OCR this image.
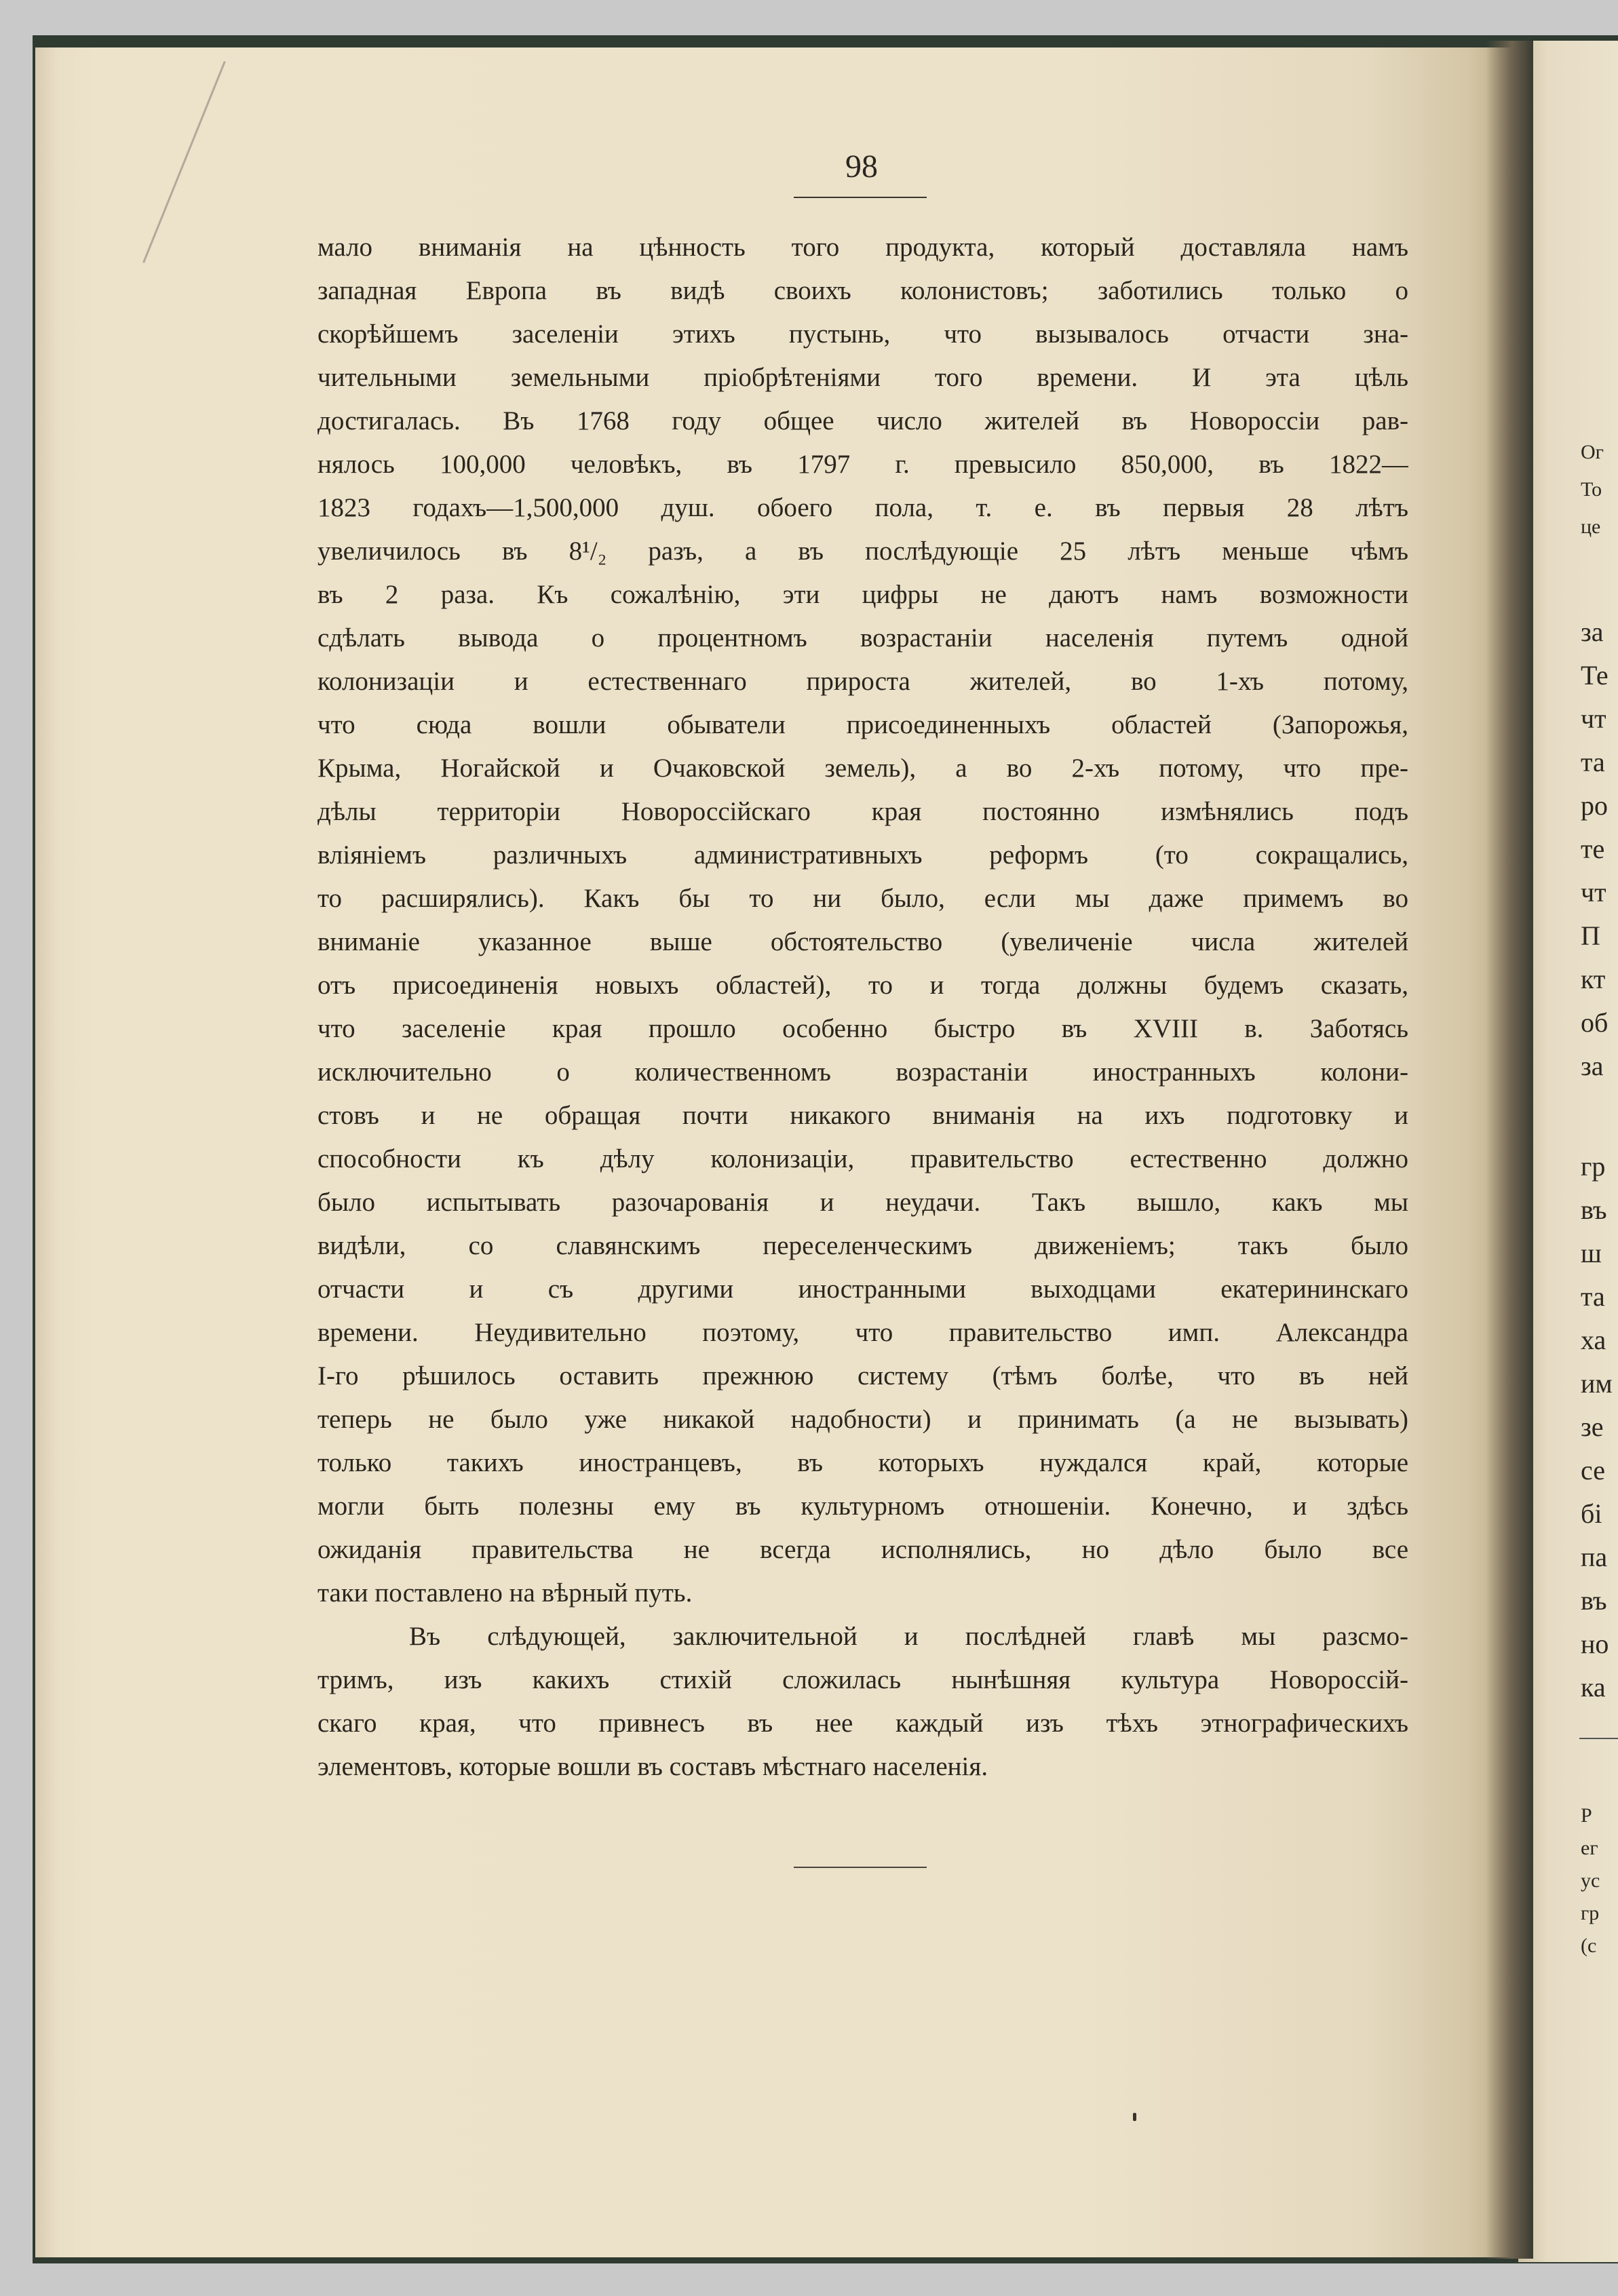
Ог
То
це
за
Те
чт
та
ро
те
чт
П
кт
об
за
гр
въ
ш
та
ха
им
зе
се
бі
па
въ
но
ка
Р
ег
ус
гр
(с
98
мало вниманія на цѣнность того продукта, который доставляла намъ
западная Европа въ видѣ своихъ колонистовъ; заботились только о
скорѣйшемъ заселеніи этихъ пустынь, что вызывалось отчасти зна-
чительными земельными пріобрѣтеніями того времени. И эта цѣль
достигалась. Въ 1768 году общее число жителей въ Новороссіи рав-
нялось 100,000 человѣкъ, въ 1797 г. превысило 850,000, въ 1822—
1823 годахъ—1,500,000 душ. обоего пола, т. е. въ первыя 28 лѣтъ
увеличилось въ 8¹/₂ разъ, а въ послѣдующіе 25 лѣтъ меньше чѣмъ
въ 2 раза. Къ сожалѣнію, эти цифры не даютъ намъ возможности
сдѣлать вывода о процентномъ возрастаніи населенія путемъ одной
колонизаціи и естественнаго прироста жителей, во 1-хъ потому,
что сюда вошли обыватели присоединенныхъ областей (Запорожья,
Крыма, Ногайской и Очаковской земель), а во 2-хъ потому, что пре-
дѣлы территоріи Новороссійскаго края постоянно измѣнялись подъ
вліяніемъ различныхъ административныхъ реформъ (то сокращались,
то расширялись). Какъ бы то ни было, если мы даже примемъ во
вниманіе указанное выше обстоятельство (увеличеніе числа жителей
отъ присоединенія новыхъ областей), то и тогда должны будемъ сказать,
что заселеніе края прошло особенно быстро въ XVIII в. Заботясь
исключительно о количественномъ возрастаніи иностранныхъ колони-
стовъ и не обращая почти никакого вниманія на ихъ подготовку и
способности къ дѣлу колонизаціи, правительство естественно должно
было испытывать разочарованія и неудачи. Такъ вышло, какъ мы
видѣли, со славянскимъ переселенческимъ движеніемъ; такъ было
отчасти и съ другими иностранными выходцами екатерининскаго
времени. Неудивительно поэтому, что правительство имп. Александра
I-го рѣшилось оставить прежнюю систему (тѣмъ болѣе, что въ ней
теперь не было уже никакой надобности) и принимать (а не вызывать)
только такихъ иностранцевъ, въ которыхъ нуждался край, которые
могли быть полезны ему въ культурномъ отношеніи. Конечно, и здѣсь
ожиданія правительства не всегда исполнялись, но дѣло было все
таки поставлено на вѣрный путь.
Въ слѣдующей, заключительной и послѣдней главѣ мы разсмо-
тримъ, изъ какихъ стихій сложилась нынѣшняя культура Новороссій-
скаго края, что привнесъ въ нее каждый изъ тѣхъ этнографическихъ
элементовъ, которые вошли въ составъ мѣстнаго населенія.
